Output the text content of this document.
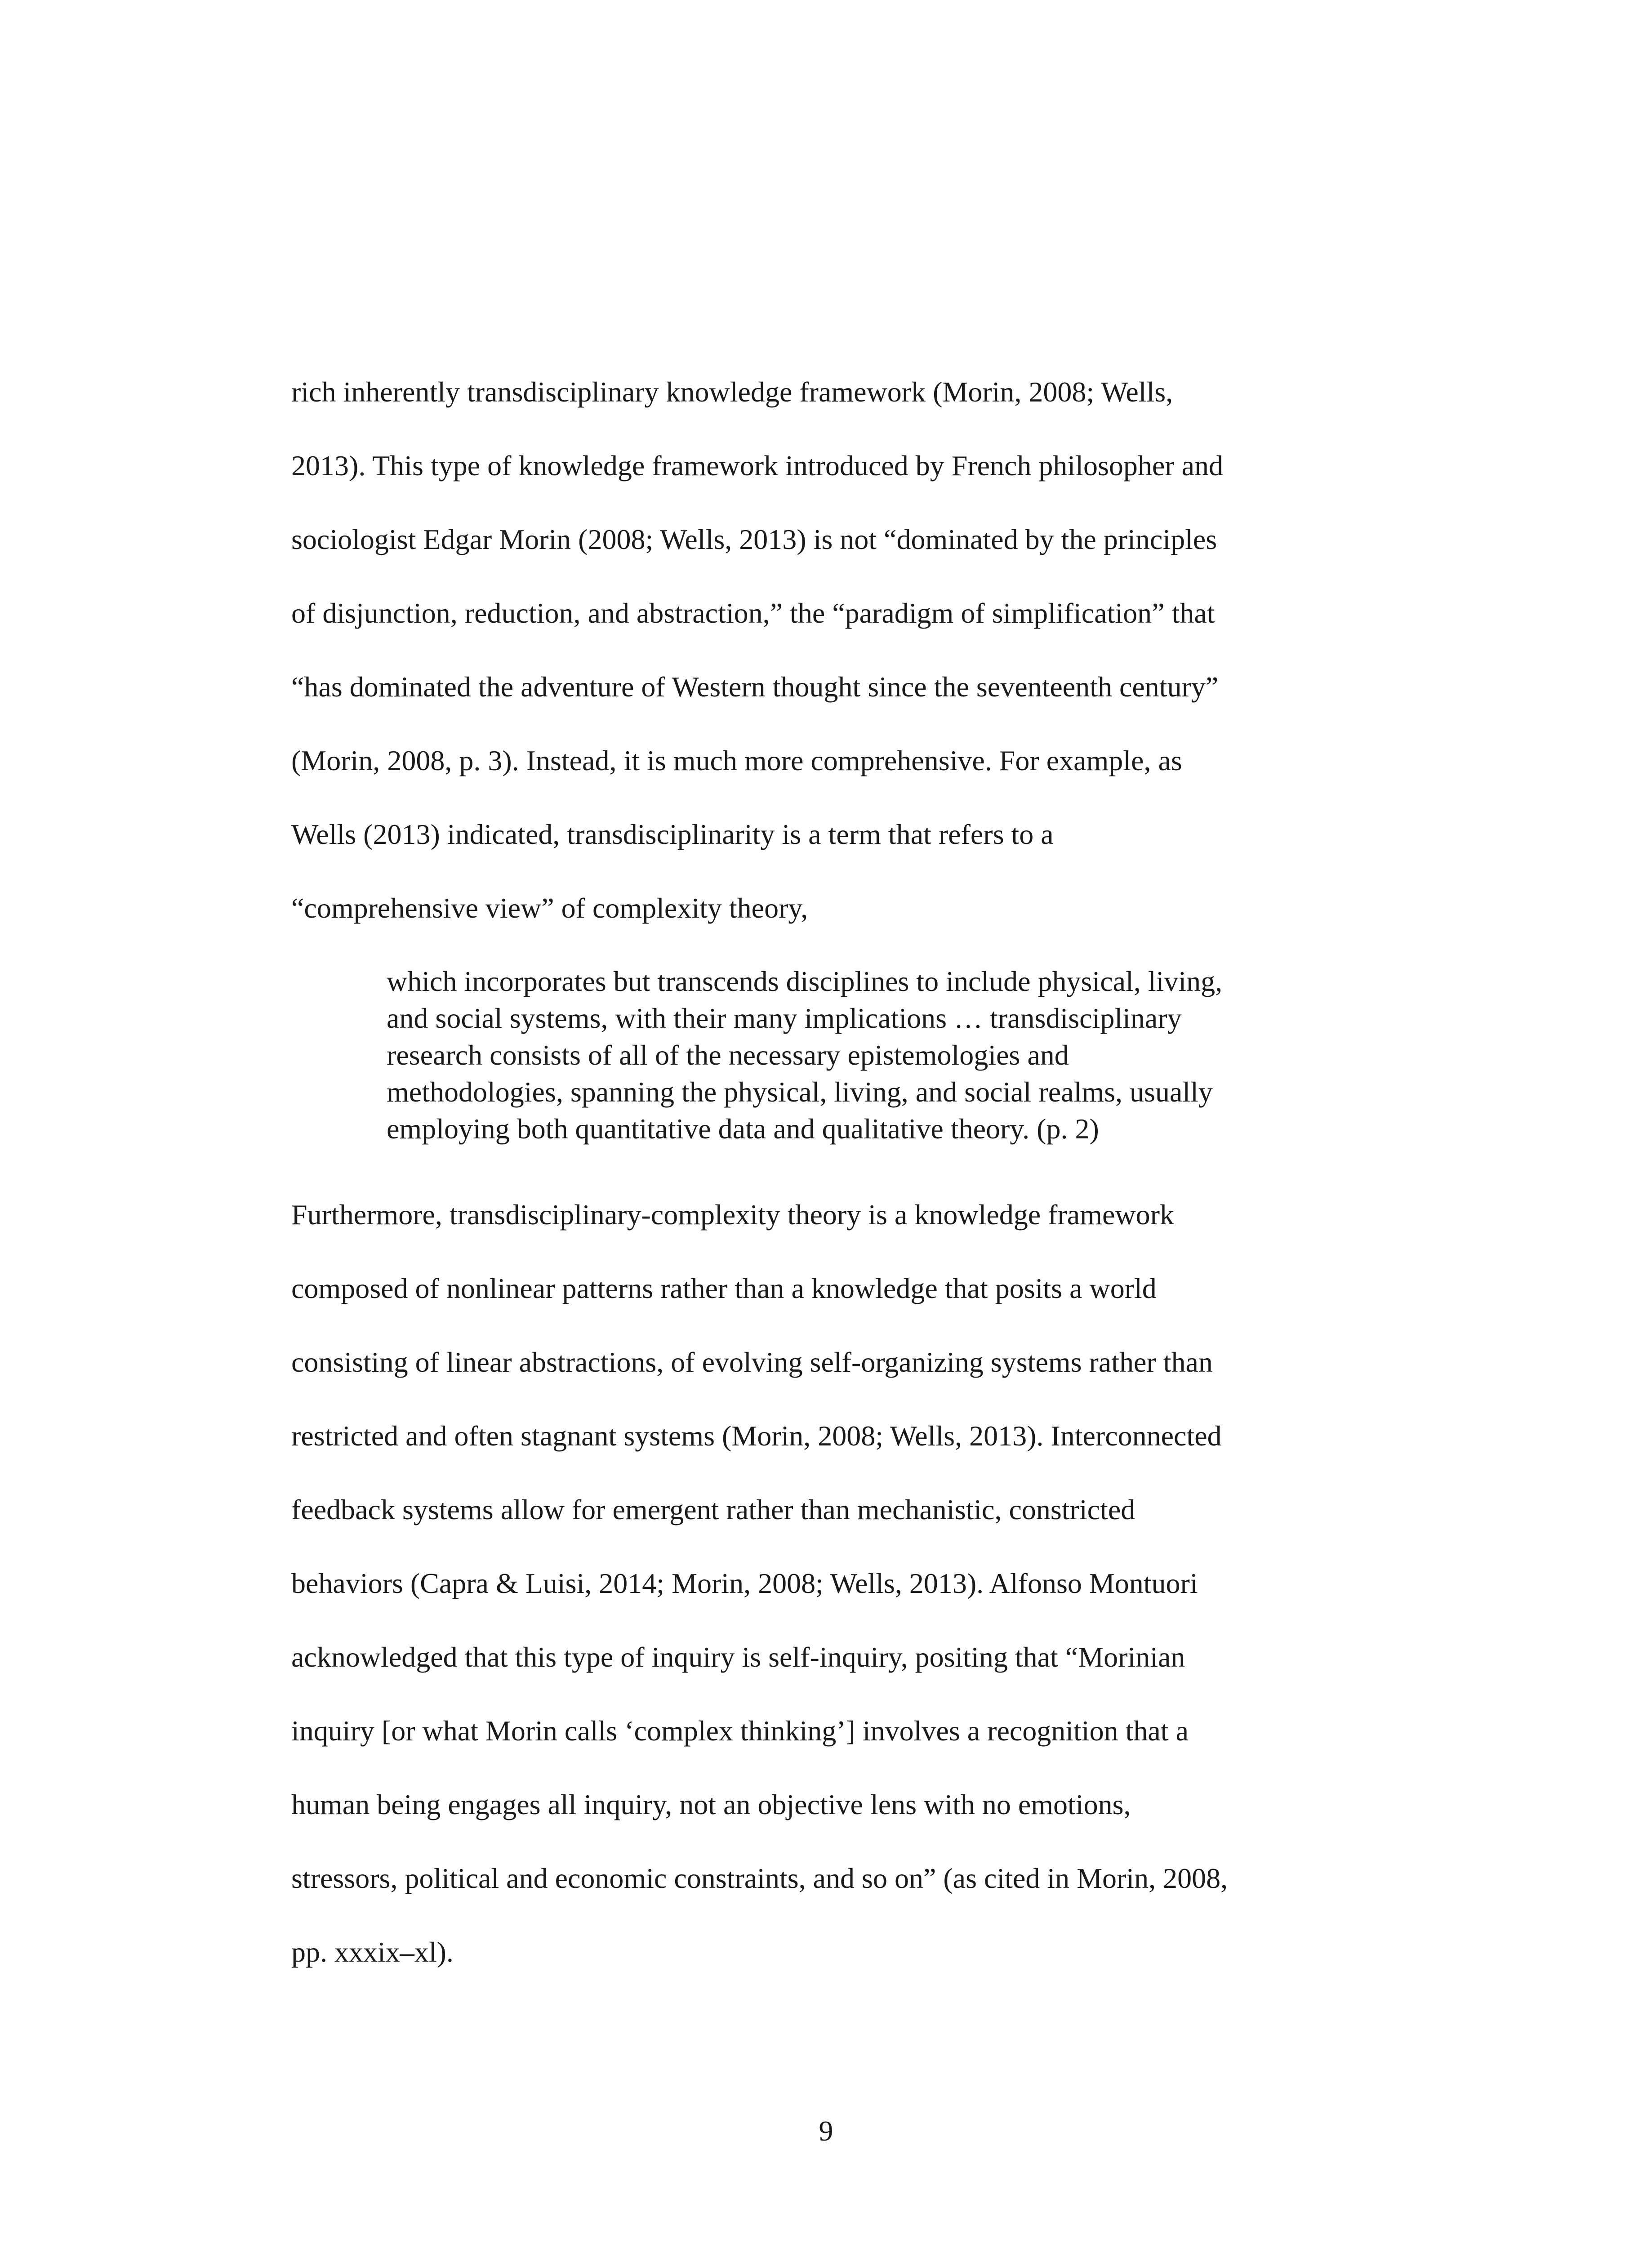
rich inherently transdisciplinary knowledge framework (Morin, 2008; Wells,
2013). This type of knowledge framework introduced by French philosopher and
sociologist Edgar Morin (2008; Wells, 2013) is not “dominated by the principles
of disjunction, reduction, and abstraction,” the “paradigm of simplification” that
“has dominated the adventure of Western thought since the seventeenth century”
(Morin, 2008, p. 3). Instead, it is much more comprehensive. For example, as
Wells (2013) indicated, transdisciplinarity is a term that refers to a
“comprehensive view” of complexity theory,
which incorporates but transcends disciplines to include physical, living,
and social systems, with their many implications … transdisciplinary
research consists of all of the necessary epistemologies and
methodologies, spanning the physical, living, and social realms, usually
employing both quantitative data and qualitative theory. (p. 2)
Furthermore, transdisciplinary-complexity theory is a knowledge framework
composed of nonlinear patterns rather than a knowledge that posits a world
consisting of linear abstractions, of evolving self-organizing systems rather than
restricted and often stagnant systems (Morin, 2008; Wells, 2013). Interconnected
feedback systems allow for emergent rather than mechanistic, constricted
behaviors (Capra & Luisi, 2014; Morin, 2008; Wells, 2013). Alfonso Montuori
acknowledged that this type of inquiry is self-inquiry, positing that “Morinian
inquiry [or what Morin calls ‘complex thinking’] involves a recognition that a
human being engages all inquiry, not an objective lens with no emotions,
stressors, political and economic constraints, and so on” (as cited in Morin, 2008,
pp. xxxix–xl).
9
